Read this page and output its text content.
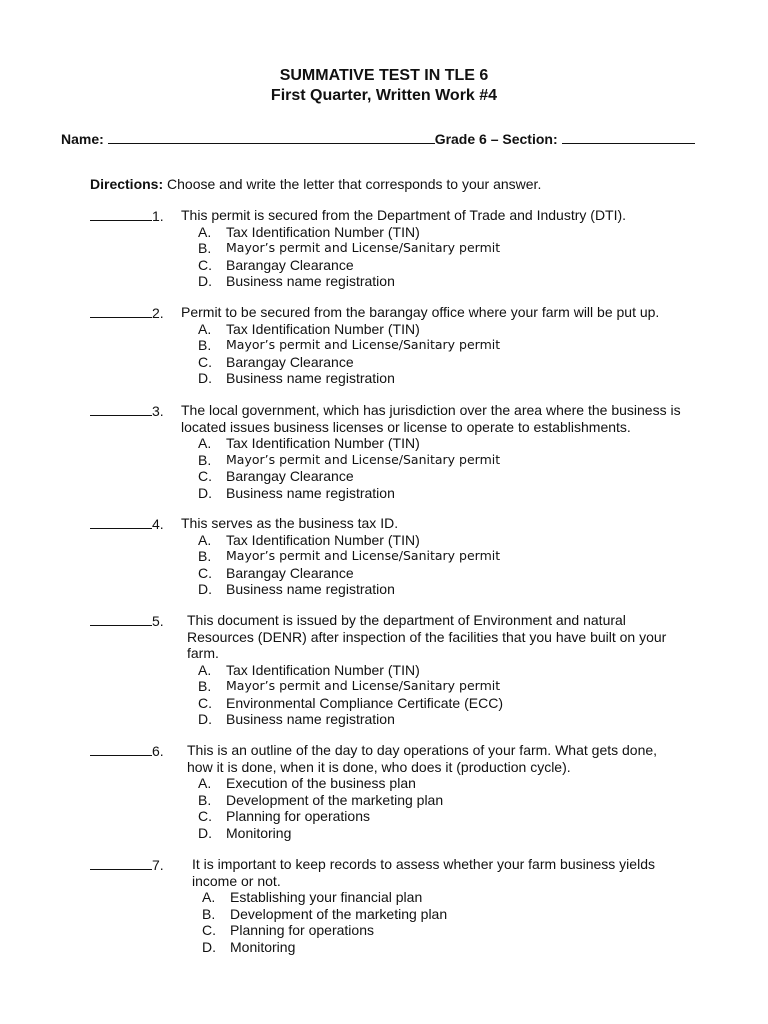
SUMMATIVE TEST IN TLE 6
First Quarter, Written Work #4
Name:	Grade 6 – Section:
Directions: Choose and write the letter that corresponds to your answer.
1. This permit is secured from the Department of Trade and Industry (DTI).
A. Tax Identification Number (TIN)
B. Mayor’s permit and License/Sanitary permit
C. Barangay Clearance
D. Business name registration
2. Permit to be secured from the barangay office where your farm will be put up.
A. Tax Identification Number (TIN)
B. Mayor’s permit and License/Sanitary permit
C. Barangay Clearance
D. Business name registration
3. The local government, which has jurisdiction over the area where the business is
located issues business licenses or license to operate to establishments.
A. Tax Identification Number (TIN)
B. Mayor’s permit and License/Sanitary permit
C. Barangay Clearance
D. Business name registration
4. This serves as the business tax ID.
A. Tax Identification Number (TIN)
B. Mayor’s permit and License/Sanitary permit
C. Barangay Clearance
D. Business name registration
5. This document is issued by the department of Environment and natural
Resources (DENR) after inspection of the facilities that you have built on your
farm.
A. Tax Identification Number (TIN)
B. Mayor’s permit and License/Sanitary permit
C. Environmental Compliance Certificate (ECC)
D. Business name registration
6. This is an outline of the day to day operations of your farm. What gets done,
how it is done, when it is done, who does it (production cycle).
A. Execution of the business plan
B. Development of the marketing plan
C. Planning for operations
D. Monitoring
7. It is important to keep records to assess whether your farm business yields
income or not.
A. Establishing your financial plan
B. Development of the marketing plan
C. Planning for operations
D. Monitoring
